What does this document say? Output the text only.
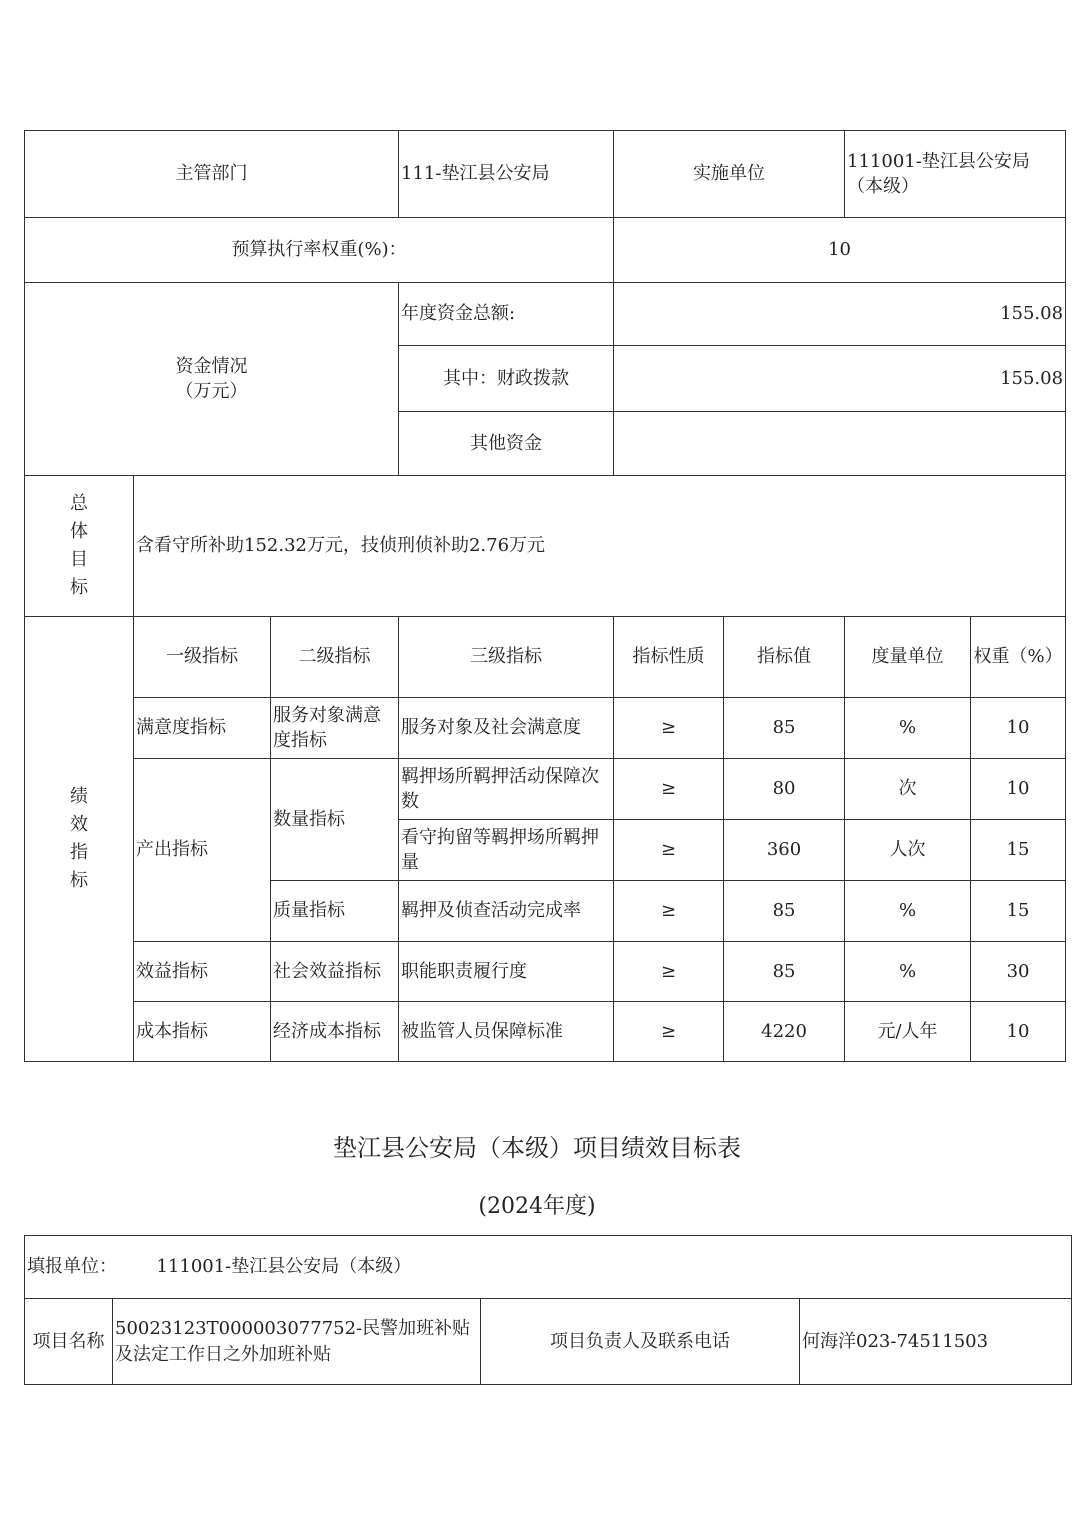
主管部门			111-垫江县公安局	实施单位		111001-垫江县公安局（本级）	
预算执行率权重(%)：				10			

资金情况
（万元）			年度资金总额:	155.08			
			其中：财政拨款	155.08			
			其他资金				

总
体
目
标	含看守所补助152.32万元，技侦刑侦补助2.76万元						

绩
效
指
标	一级指标	二级指标	三级指标	指标性质	指标值	度量单位	权重（%）
	满意度指标	服务对象满意度指标	服务对象及社会满意度	≥	85	%	10
	产出指标	数量指标	羁押场所羁押活动保障次数	≥	80	次	10
			看守拘留等羁押场所羁押量	≥	360	人次	15
		质量指标	羁押及侦查活动完成率	≥	85	%	15
	效益指标	社会效益指标	职能职责履行度	≥	85	%	30
	成本指标	经济成本指标	被监管人员保障标准	≥	4220	元/人年	10
垫江县公安局（本级）项目绩效目标表
(2024年度)
填报单位： 111001-垫江县公安局（本级）
项目名称	50023123T000003077752-民警加班补贴及法定工作日之外加班补贴	项目负责人及联系电话	何海洋023-74511503
